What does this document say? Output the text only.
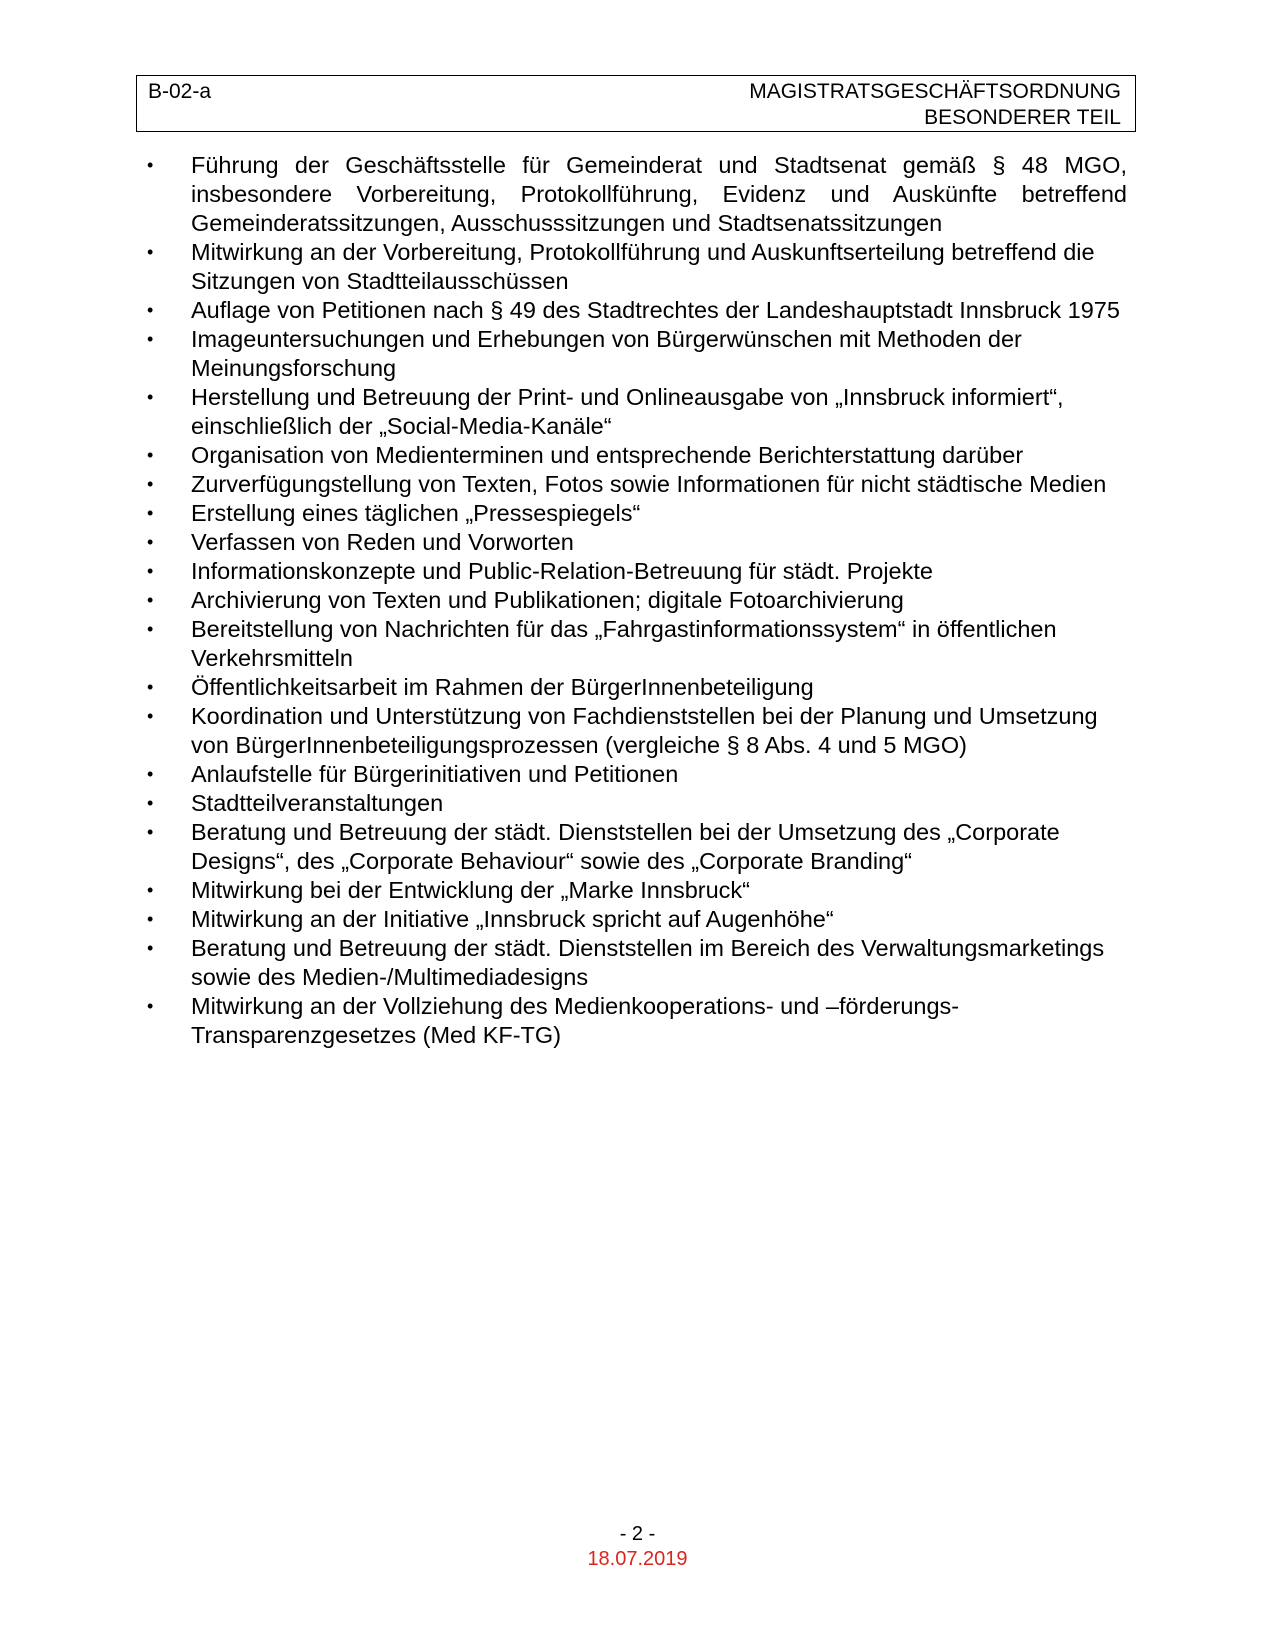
B-02-a	MAGISTRATSGESCHÄFTSORDNUNG
BESONDERER TEIL
•	Führung der Geschäftsstelle für Gemeinderat und Stadtsenat gemäß § 48 MGO, insbesondere Vorbereitung, Protokollführung, Evidenz und Auskünfte betreffend Gemeinderatssitzungen, Ausschusssitzungen und Stadtsenatssitzungen
•	Mitwirkung an der Vorbereitung, Protokollführung und Auskunftserteilung betreffend die Sitzungen von Stadtteilausschüssen
•	Auflage von Petitionen nach § 49 des Stadtrechtes der Landeshauptstadt Innsbruck 1975
•	Imageuntersuchungen und Erhebungen von Bürgerwünschen mit Methoden der Meinungsforschung
•	Herstellung und Betreuung der Print- und Onlineausgabe von „Innsbruck informiert“, einschließlich der „Social-Media-Kanäle“
•	Organisation von Medienterminen und entsprechende Berichterstattung darüber
•	Zurverfügungstellung von Texten, Fotos sowie Informationen für nicht städtische Medien
•	Erstellung eines täglichen „Pressespiegels“
•	Verfassen von Reden und Vorworten
•	Informationskonzepte und Public-Relation-Betreuung für städt. Projekte
•	Archivierung von Texten und Publikationen; digitale Fotoarchivierung
•	Bereitstellung von Nachrichten für das „Fahrgastinformationssystem“ in öffentlichen Verkehrsmitteln
•	Öffentlichkeitsarbeit im Rahmen der BürgerInnenbeteiligung
•	Koordination und Unterstützung von Fachdienststellen bei der Planung und Umsetzung von BürgerInnenbeteiligungsprozessen (vergleiche § 8 Abs. 4 und 5 MGO)
•	Anlaufstelle für Bürgerinitiativen und Petitionen
•	Stadtteilveranstaltungen
•	Beratung und Betreuung der städt. Dienststellen bei der Umsetzung des „Corporate Designs“, des „Corporate Behaviour“ sowie des „Corporate Branding“
•	Mitwirkung bei der Entwicklung der „Marke Innsbruck“
•	Mitwirkung an der Initiative „Innsbruck spricht auf Augenhöhe“
•	Beratung und Betreuung der städt. Dienststellen im Bereich des Verwaltungsmarketings sowie des Medien-/Multimediadesigns
•	Mitwirkung an der Vollziehung des Medienkooperations- und –förderungs-Transparenzgesetzes (Med KF-TG)
- 2 -
18.07.2019
